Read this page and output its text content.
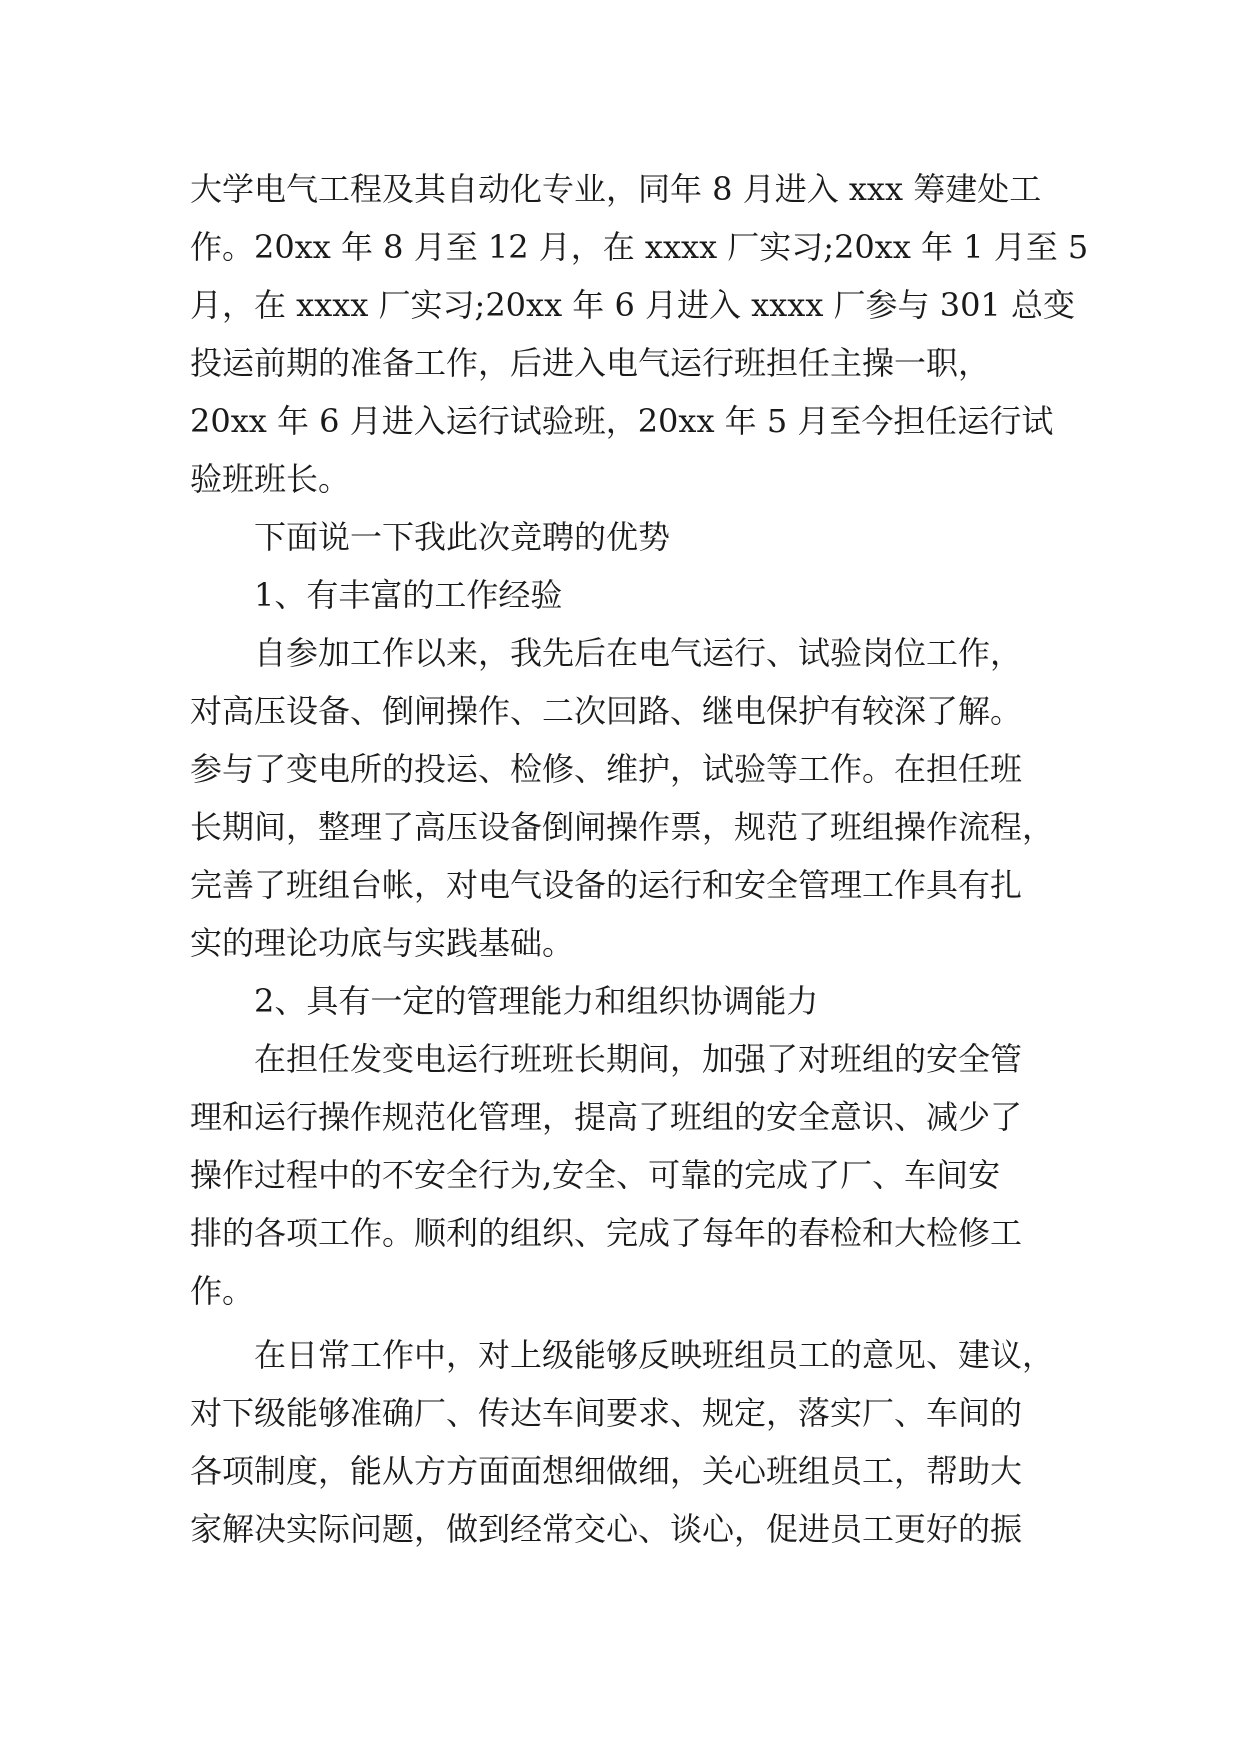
大学电气工程及其自动化专业，同年 8 月进入 xxx 筹建处工
作。20xx 年 8 月至 12 月，在 xxxx 厂实习;20xx 年 1 月至 5
月，在 xxxx 厂实习;20xx 年 6 月进入 xxxx 厂参与 301 总变
投运前期的准备工作，后进入电气运行班担任主操一职，
20xx 年 6 月进入运行试验班，20xx 年 5 月至今担任运行试
验班班长。
下面说一下我此次竞聘的优势
1、有丰富的工作经验
自参加工作以来，我先后在电气运行、试验岗位工作，
对高压设备、倒闸操作、二次回路、继电保护有较深了解。
参与了变电所的投运、检修、维护，试验等工作。在担任班
长期间，整理了高压设备倒闸操作票，规范了班组操作流程，
完善了班组台帐，对电气设备的运行和安全管理工作具有扎
实的理论功底与实践基础。
2、具有一定的管理能力和组织协调能力
在担任发变电运行班班长期间，加强了对班组的安全管
理和运行操作规范化管理，提高了班组的安全意识、减少了
操作过程中的不安全行为,安全、可靠的完成了厂、车间安
排的各项工作。顺利的组织、完成了每年的春检和大检修工
作。
在日常工作中，对上级能够反映班组员工的意见、建议，
对下级能够准确厂、传达车间要求、规定，落实厂、车间的
各项制度，能从方方面面想细做细，关心班组员工，帮助大
家解决实际问题，做到经常交心、谈心，促进员工更好的振
